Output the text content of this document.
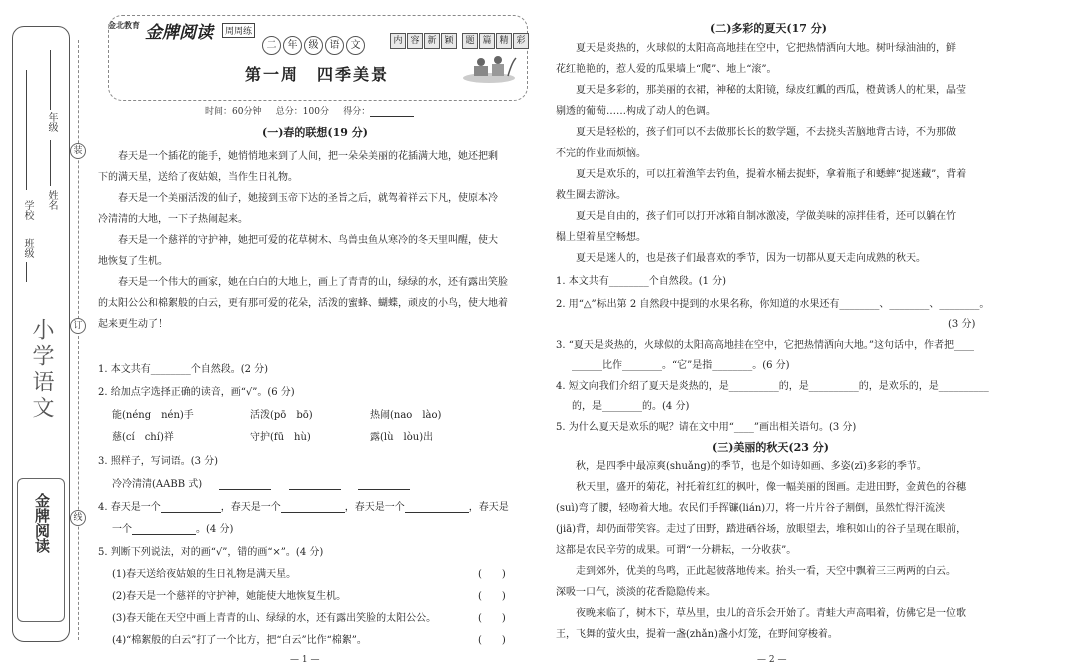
学校
班级
年级
姓名
小学语文
金牌阅读
装
订
线
金北教育 金牌阅读	周周练
二 年 级 语 文	内 容 新 颖 题 篇 精 彩
第一周　四季美景
时间：60分钟 总分：100分 得分：
(一)春的联想(19 分)
春天是一个插花的能手，她悄悄地来到了人间，把一朵朵美丽的花插满大地，她还把剩
下的满天星，送给了夜姑娘，当作生日礼物。
春天是一个美丽活泼的仙子，她接到玉帝下达的圣旨之后，就驾着祥云下凡，使原本冷
冷清清的大地，一下子热闹起来。
春天是一个慈祥的守护神，她把可爱的花草树木、鸟兽虫鱼从寒冷的冬天里叫醒，使大
地恢复了生机。
春天是一个伟大的画家，她在白白的大地上，画上了青青的山，绿绿的水，还有露出笑脸
的太阳公公和棉絮般的白云，更有那可爱的花朵，活泼的蜜蜂、蝴蝶，顽皮的小鸟，使大地着
起来更生动了！
1. 本文共有________个自然段。(2 分)
2. 给加点字选择正确的读音，画“√”。(6 分)
能(néng　nén)手	活泼(pō　bō)	热闹(nao　lào)
慈(cí　chí)祥	守护(fū　hù)	露(lù　lòu)出
3. 照样子，写词语。(3 分)
冷冷清清(AABB 式)
4. 春天是一个	，春天是一个	，春天是一个	，春天是
一个	。(4 分)
5. 判断下列说法，对的画“√”，错的画“×”。(4 分)
(1)春天送给夜姑娘的生日礼物是满天星。
(2)春天是一个慈祥的守护神，她能使大地恢复生机。
(3)春天能在天空中画上青青的山、绿绿的水，还有露出笑脸的太阳公公。
(4)“棉絮般的白云”打了一个比方，把“白云”比作“棉絮”。
(　　)
(　　)
(　　)
(　　)
— 1 —
(二)多彩的夏天(17 分)
夏天是炎热的，火球似的太阳高高地挂在空中，它把热情洒向大地。树叶绿油油的，鲜
花红艳艳的，惹人爱的瓜果墙上“爬”、地上“滚”。
夏天是多彩的，那美丽的衣裙，神秘的太阳镜，绿皮红瓤的西瓜，橙黄诱人的杧果，晶莹
剔透的葡萄……构成了动人的色调。
夏天是轻松的，孩子们可以不去做那长长的数学题，不去挠头苦脑地背古诗，不为那做
不完的作业而烦恼。
夏天是欢乐的，可以扛着渔竿去钓鱼，提着水桶去捉虾，拿着瓶子和蟋蟀“捉迷藏”，背着
救生圈去游泳。
夏天是自由的，孩子们可以打开冰箱自制冰激凌，学做美味的凉拌佳肴，还可以躺在竹
榻上望着星空畅想。
夏天是迷人的，也是孩子们最喜欢的季节，因为一切都从夏天走向成熟的秋天。
1. 本文共有________个自然段。(1 分)
2. 用“△”标出第 2 自然段中提到的水果名称，你知道的水果还有________、________、________。
(3 分)
3. “夏天是炎热的，火球似的太阳高高地挂在空中，它把热情洒向大地。”这句话中，作者把____
______比作________。“它”是指________。(6 分)
4. 短文向我们介绍了夏天是炎热的，是__________的，是__________的，是欢乐的，是__________
的，是________的。(4 分)
5. 为什么夏天是欢乐的呢？请在文中用“____”画出相关语句。(3 分)
(三)美丽的秋天(23 分)
秋，是四季中最凉爽(shuǎng)的季节，也是个如诗如画、多姿(zī)多彩的季节。
秋天里，盛开的菊花，衬托着红红的枫叶，像一幅美丽的图画。走进田野，金黄色的谷穗
(suì)弯了腰，轻吻着大地。农民们手挥镰(lián)刀，将一片片谷子割倒，虽然忙得汗流浃
(jiā)背，却仍面带笑容。走过了田野，踏进硒谷场，放眼望去，堆积如山的谷子呈现在眼前，
这都是农民辛劳的成果。可谓“一分耕耘，一分收获”。
走到郊外，优美的鸟鸣，正此起彼落地传来。抬头一看，天空中飘着三三两两的白云。
深吸一口气，淡淡的花香隐隐传来。
夜晚来临了，树木下，草丛里，虫儿的音乐会开始了。青蛙大声高唱着，仿佛它是一位歌
王，飞舞的萤火虫，提着一盏(zhǎn)盏小灯笼，在野间穿梭着。
— 2 —
